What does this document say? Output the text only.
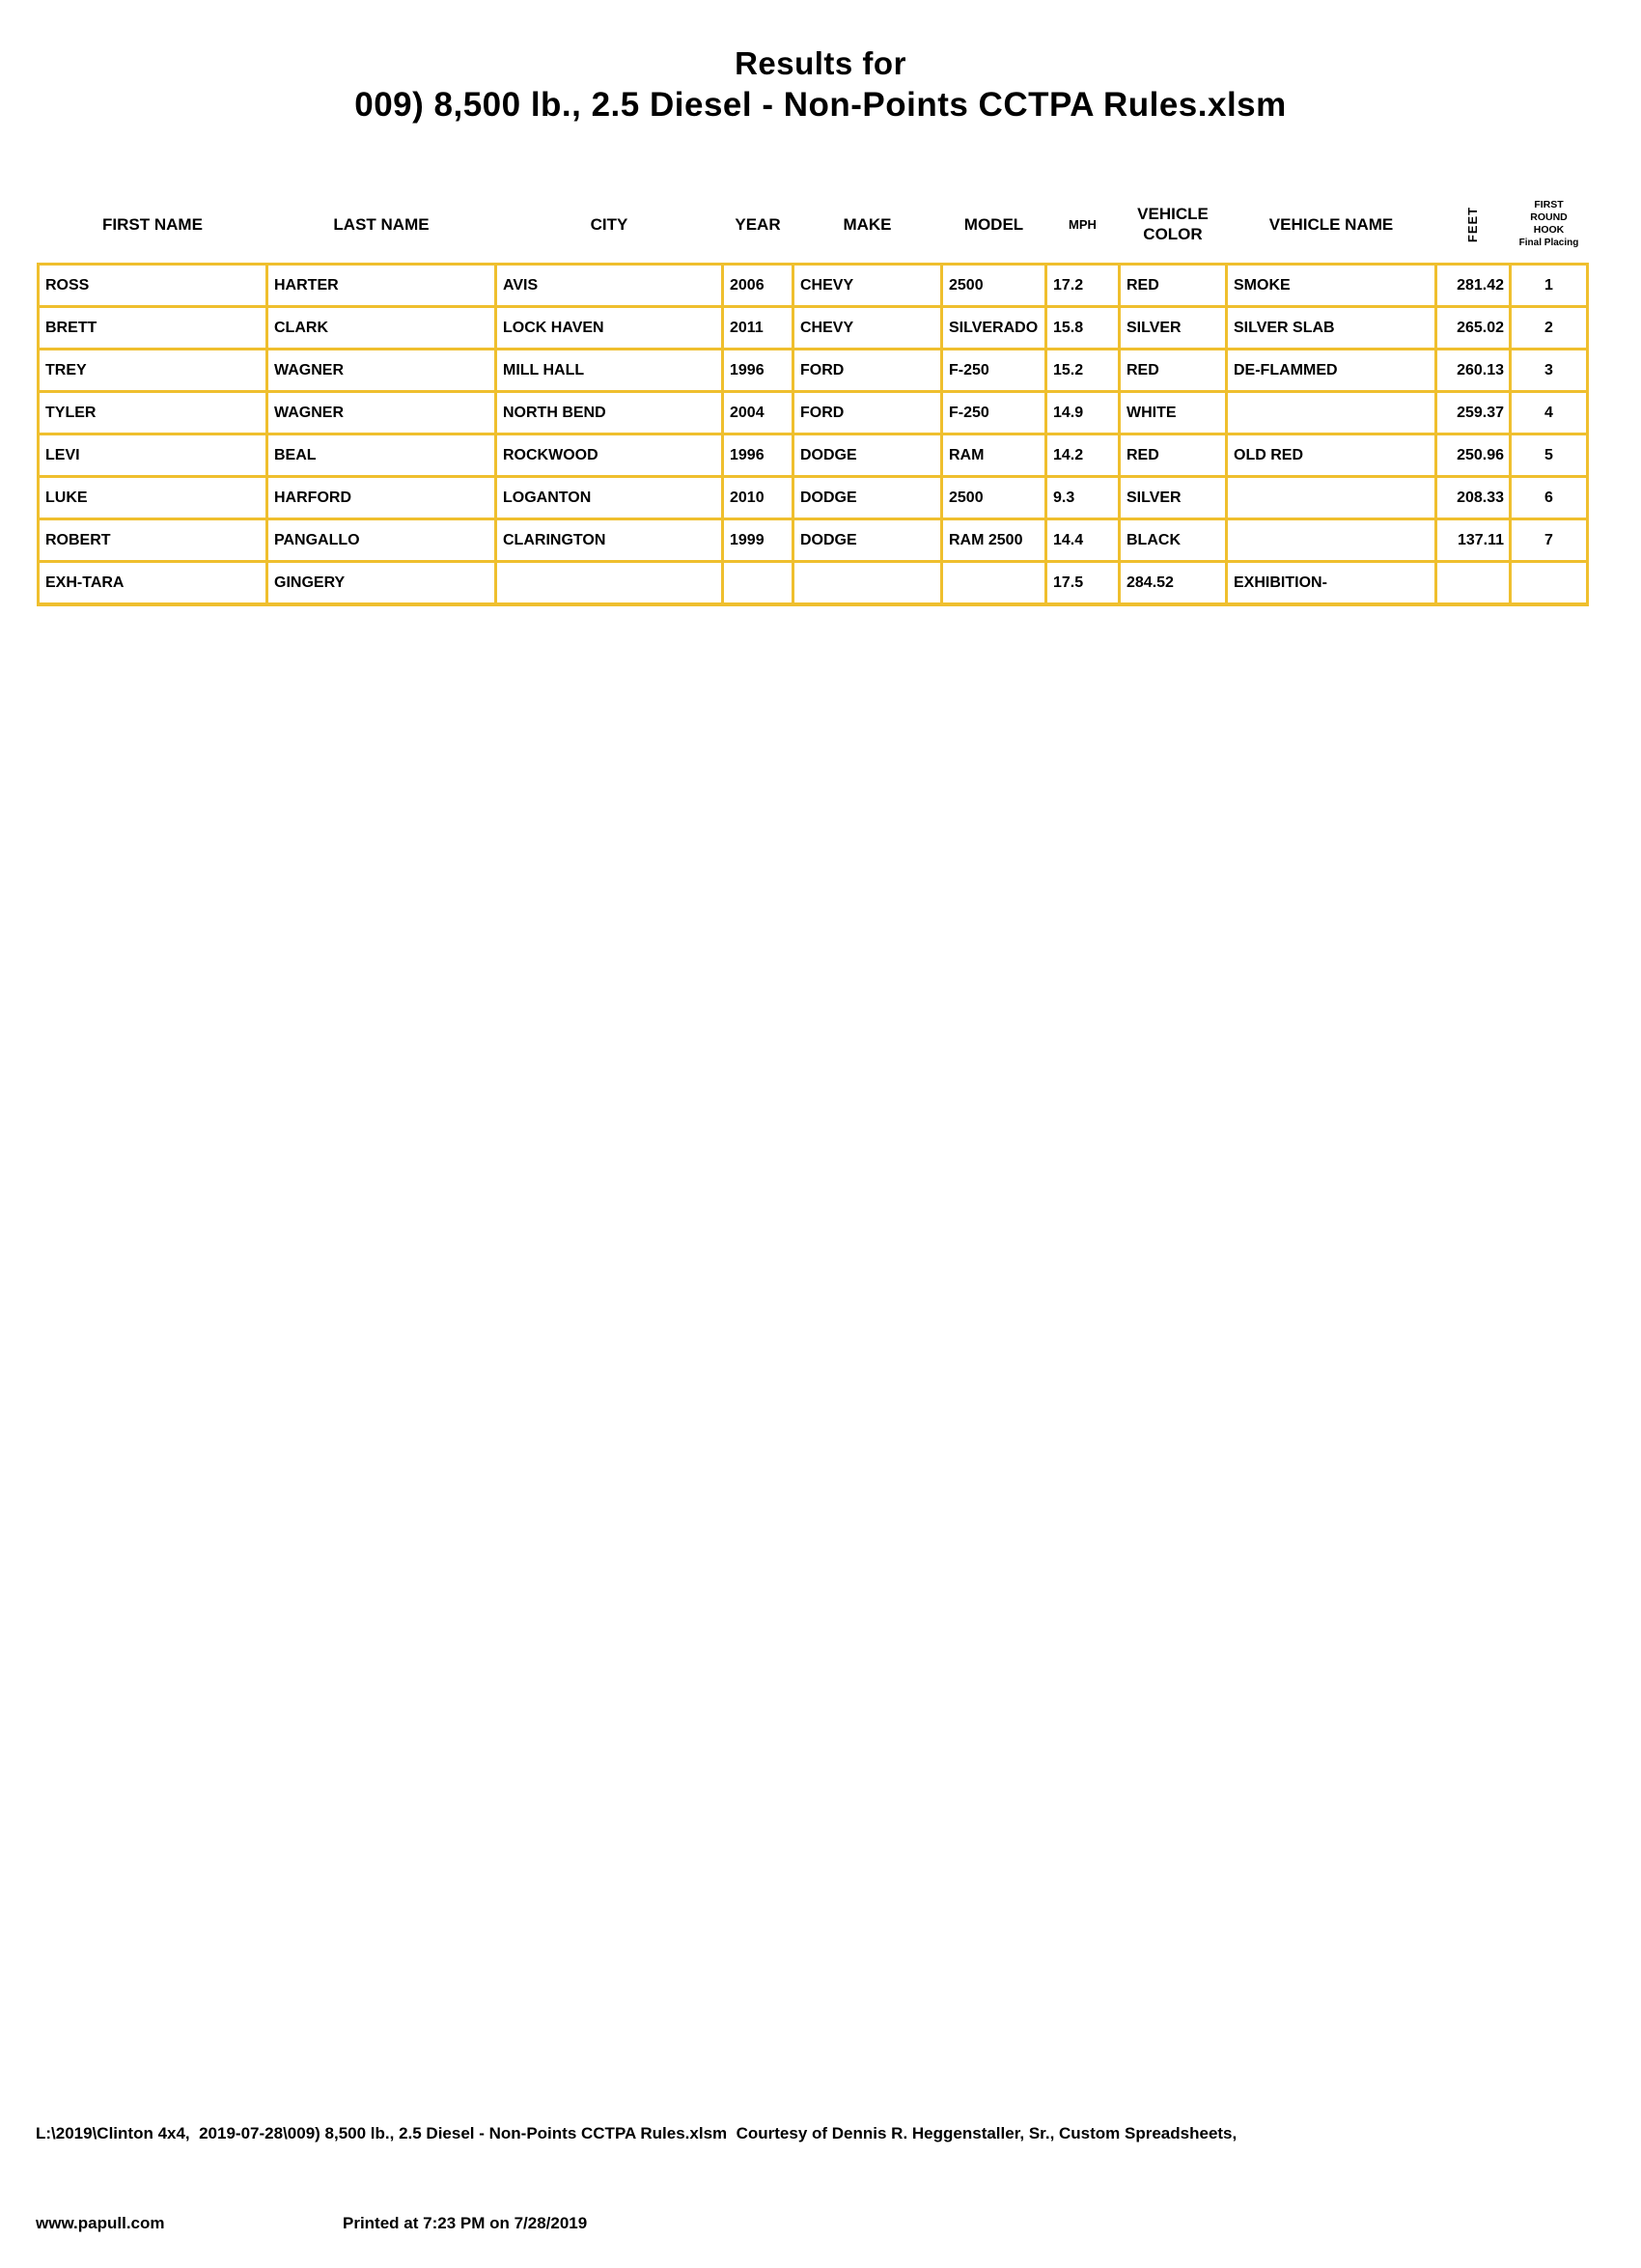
Results for
009) 8,500 lb., 2.5 Diesel - Non-Points CCTPA Rules.xlsm
FIRST NAME	LAST NAME	CITY	YEAR	MAKE	MODEL	MPH	VEHICLE COLOR	VEHICLE NAME	FEET	FIRST ROUND HOOK
Final Placing

ROSS	HARTER	AVIS	2006	CHEVY	2500	17.2	RED	SMOKE	281.42	1
BRETT	CLARK	LOCK HAVEN	2011	CHEVY	SILVERADO	15.8	SILVER	SILVER SLAB	265.02	2
TREY	WAGNER	MILL HALL	1996	FORD	F-250	15.2	RED	DE-FLAMMED	260.13	3
TYLER	WAGNER	NORTH BEND	2004	FORD	F-250	14.9	WHITE		259.37	4
LEVI	BEAL	ROCKWOOD	1996	DODGE	RAM	14.2	RED	OLD RED	250.96	5
LUKE	HARFORD	LOGANTON	2010	DODGE	2500	9.3	SILVER		208.33	6
ROBERT	PANGALLO	CLARINGTON	1999	DODGE	RAM 2500	14.4	BLACK		137.11	7
EXH-TARA	GINGERY					17.5	284.52	EXHIBITION-		

L:\2019\Clinton 4x4,  2019-07-28\009) 8,500 lb., 2.5 Diesel - Non-Points CCTPA Rules.xlsm  Courtesy of Dennis R. Heggenstaller, Sr., Custom Spreadsheets,

www.papull.com	Printed at 7:23 PM on 7/28/2019
